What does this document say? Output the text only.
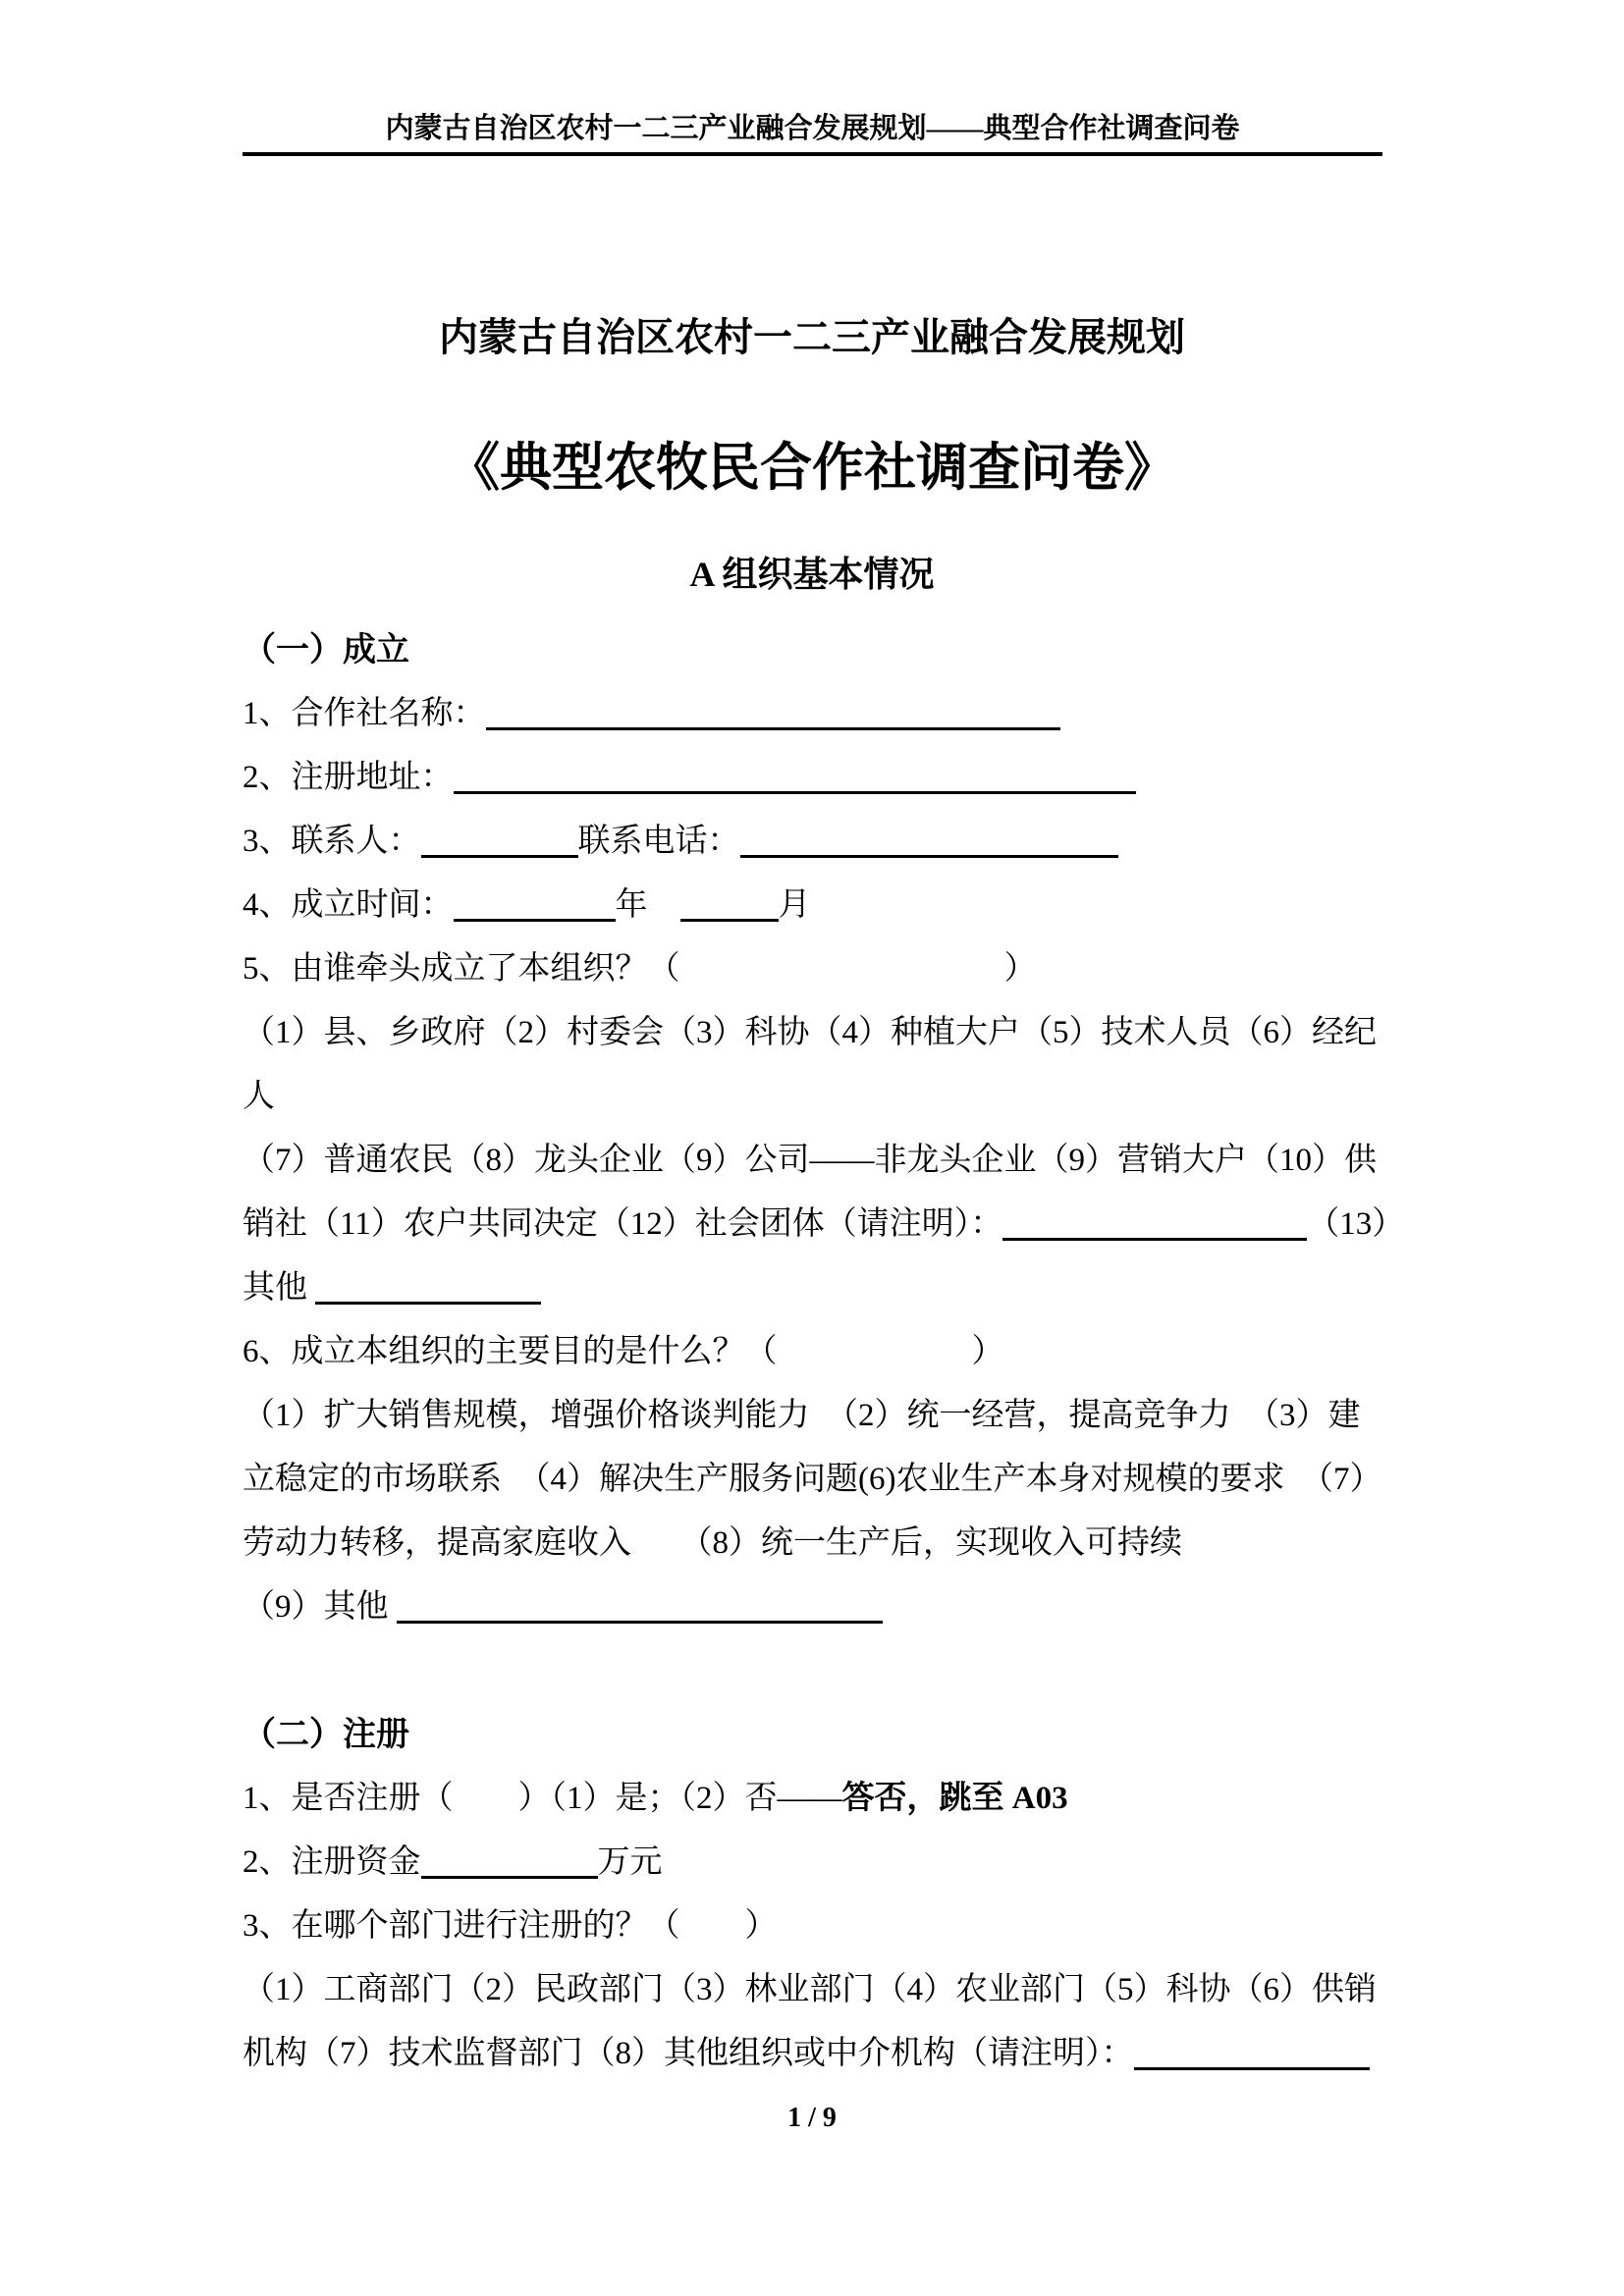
内蒙古自治区农村一二三产业融合发展规划——典型合作社调查问卷
内蒙古自治区农村一二三产业融合发展规划
《典型农牧民合作社调查问卷》
A 组织基本情况
（一）成立
1、合作社名称：
2、注册地址：
3、联系人：	联系电话：
4、成立时间：	年　	月
5、由谁牵头成立了本组织？（　　　　　　　　　　）
（1）县、乡政府（2）村委会（3）科协（4）种植大户（5）技术人员（6）经纪
人
（7）普通农民（8）龙头企业（9）公司——非龙头企业（9）营销大户（10）供
销社（11）农户共同决定（12）社会团体（请注明）：	（13）
其他
6、成立本组织的主要目的是什么？（　　　　　　）
（1）扩大销售规模，增强价格谈判能力　（2）统一经营，提高竞争力　（3）建
立稳定的市场联系　（4）解决生产服务问题(6)农业生产本身对规模的要求　（7）
劳动力转移，提高家庭收入　　（8）统一生产后，实现收入可持续
（9）其他

（二）注册
1、是否注册（　　）（1）是；（2）否——答否，跳至 A03
2、注册资金	万元
3、在哪个部门进行注册的？（　　）
（1）工商部门（2）民政部门（3）林业部门（4）农业部门（5）科协（6）供销
机构（7）技术监督部门（8）其他组织或中介机构（请注明）：
1 / 9
